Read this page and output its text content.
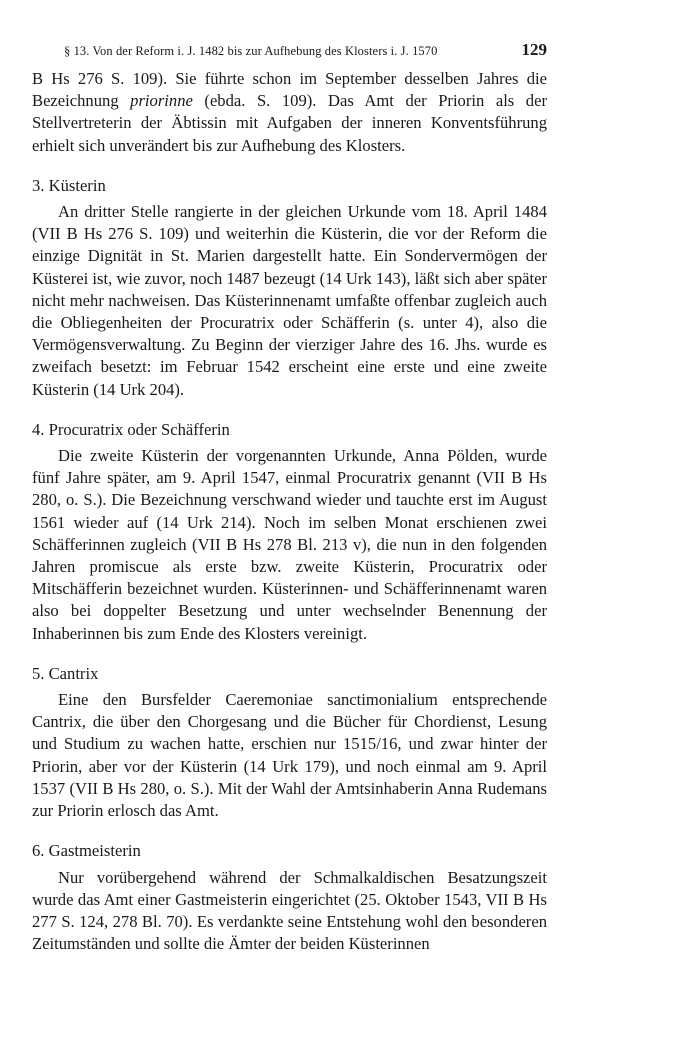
§ 13. Von der Reform i. J. 1482 bis zur Aufhebung des Klosters i. J. 1570	129

B Hs 276 S. 109). Sie führte schon im September desselben Jahres die Bezeichnung priorinne (ebda. S. 109). Das Amt der Priorin als der Stellvertreterin der Äbtissin mit Aufgaben der inneren Konventsführung erhielt sich unverändert bis zur Aufhebung des Klosters.

3. Küsterin

An dritter Stelle rangierte in der gleichen Urkunde vom 18. April 1484 (VII B Hs 276 S. 109) und weiterhin die Küsterin, die vor der Reform die einzige Dignität in St. Marien dargestellt hatte. Ein Sondervermögen der Küsterei ist, wie zuvor, noch 1487 bezeugt (14 Urk 143), läßt sich aber später nicht mehr nachweisen. Das Küsterinnenamt umfaßte offenbar zugleich auch die Obliegenheiten der Procuratrix oder Schäfferin (s. unter 4), also die Vermögensverwaltung. Zu Beginn der vierziger Jahre des 16. Jhs. wurde es zweifach besetzt: im Februar 1542 erscheint eine erste und eine zweite Küsterin (14 Urk 204).

4. Procuratrix oder Schäfferin

Die zweite Küsterin der vorgenannten Urkunde, Anna Pölden, wurde fünf Jahre später, am 9. April 1547, einmal Procuratrix genannt (VII B Hs 280, o. S.). Die Bezeichnung verschwand wieder und tauchte erst im August 1561 wieder auf (14 Urk 214). Noch im selben Monat erschienen zwei Schäfferinnen zugleich (VII B Hs 278 Bl. 213 v), die nun in den folgenden Jahren promiscue als erste bzw. zweite Küsterin, Procuratrix oder Mitschäfferin bezeichnet wurden. Küsterinnen- und Schäfferinnenamt waren also bei doppelter Besetzung und unter wechselnder Benennung der Inhaberinnen bis zum Ende des Klosters vereinigt.

5. Cantrix

Eine den Bursfelder Caeremoniae sanctimonialium entsprechende Cantrix, die über den Chorgesang und die Bücher für Chordienst, Lesung und Studium zu wachen hatte, erschien nur 1515/16, und zwar hinter der Priorin, aber vor der Küsterin (14 Urk 179), und noch einmal am 9. April 1537 (VII B Hs 280, o. S.). Mit der Wahl der Amtsinhaberin Anna Rudemans zur Priorin erlosch das Amt.

6. Gastmeisterin

Nur vorübergehend während der Schmalkaldischen Besatzungszeit wurde das Amt einer Gastmeisterin eingerichtet (25. Oktober 1543, VII B Hs 277 S. 124, 278 Bl. 70). Es verdankte seine Entstehung wohl den besonderen Zeitumständen und sollte die Ämter der beiden Küsterinnen
